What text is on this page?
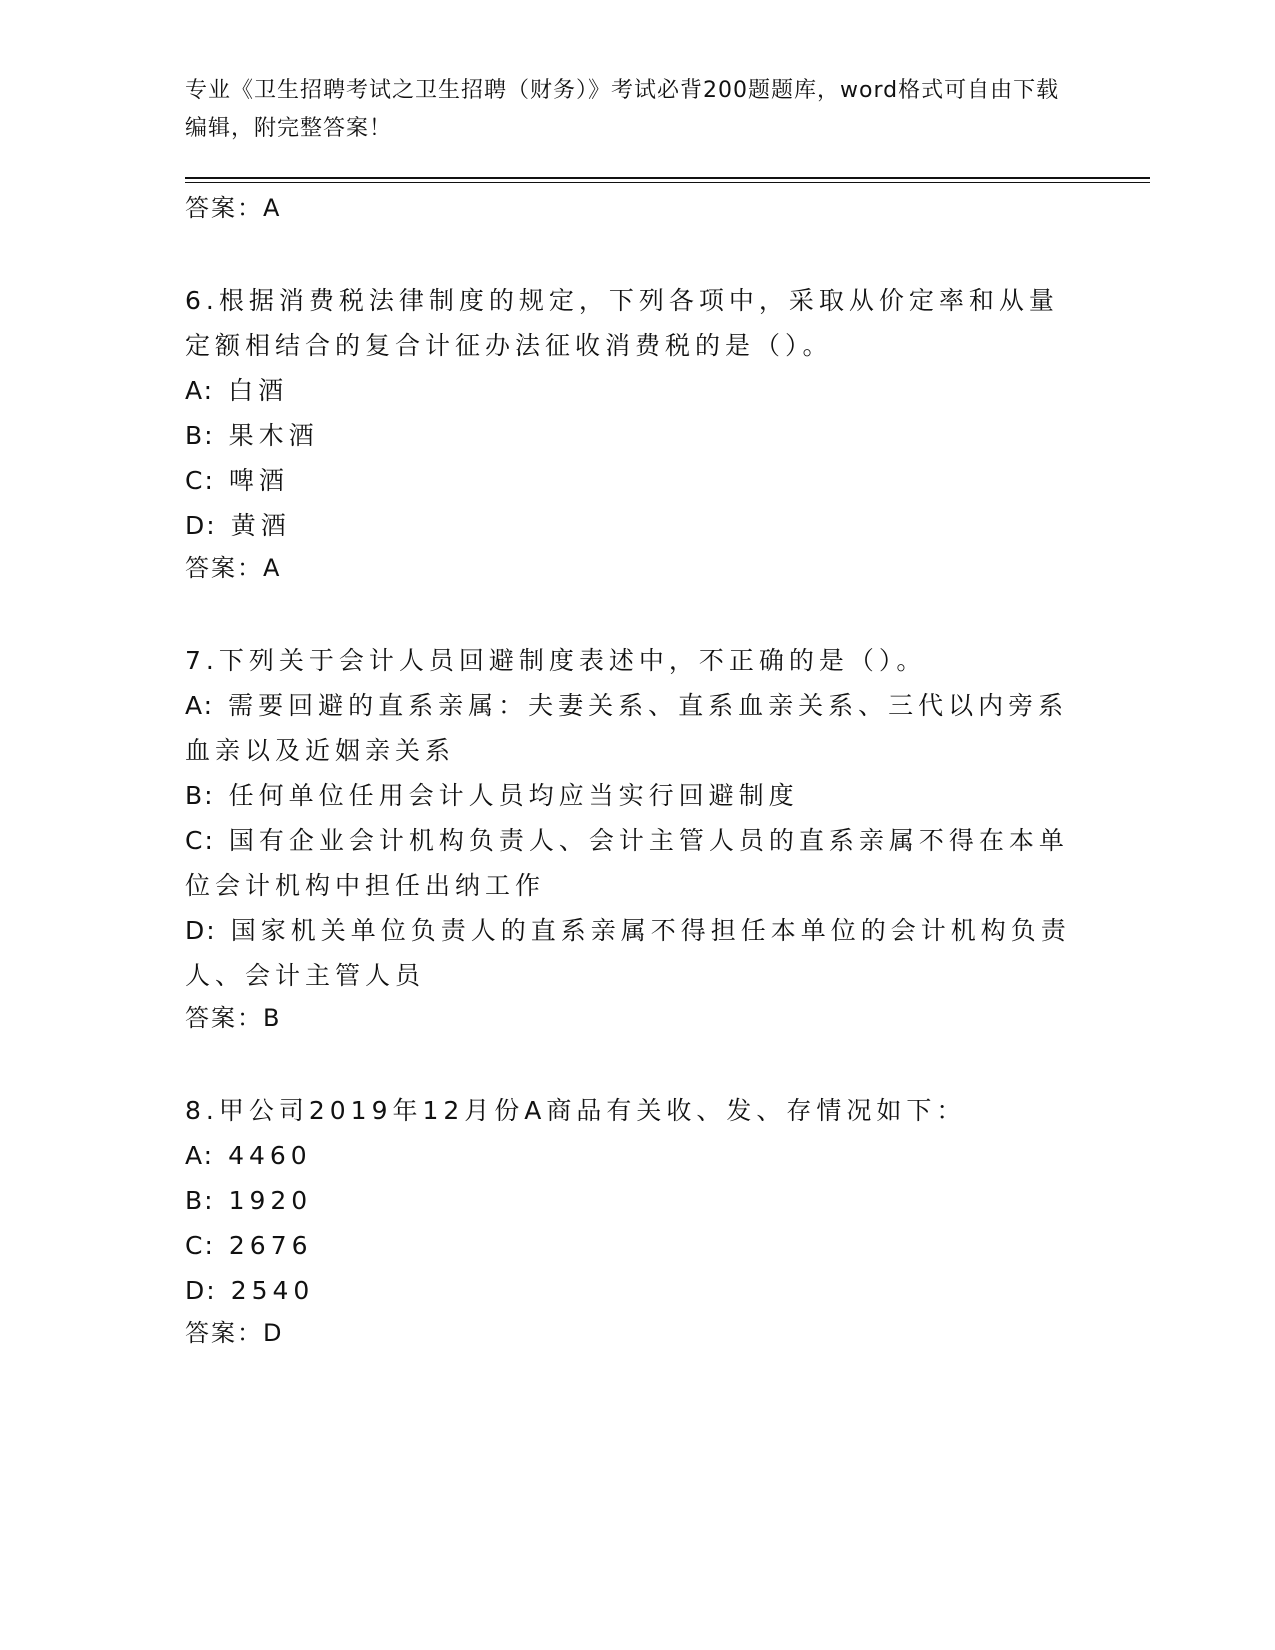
专业《卫生招聘考试之卫生招聘（财务）》考试必背200题题库，word格式可自由下载编辑，附完整答案！

答案：A

6.根据消费税法律制度的规定，下列各项中，采取从价定率和从量定额相结合的复合计征办法征收消费税的是（）。

A: 白酒

B: 果木酒

C: 啤酒

D: 黄酒

答案：A

7.下列关于会计人员回避制度表述中，不正确的是（）。

A: 需要回避的直系亲属：夫妻关系、直系血亲关系、三代以内旁系血亲以及近姻亲关系

B: 任何单位任用会计人员均应当实行回避制度

C: 国有企业会计机构负责人、会计主管人员的直系亲属不得在本单位会计机构中担任出纳工作

D: 国家机关单位负责人的直系亲属不得担任本单位的会计机构负责人、会计主管人员

答案：B

8.甲公司2019年12月份A商品有关收、发、存情况如下：

A: 4460

B: 1920

C: 2676

D: 2540

答案：D
